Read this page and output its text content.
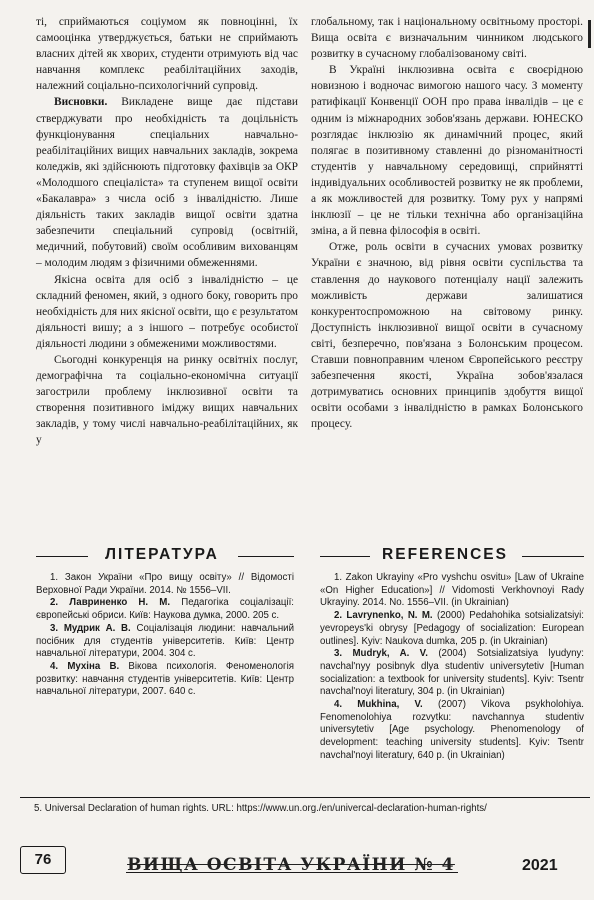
ті, сприймаються соціумом як повноцінні, їх самооцінка утверджується, батьки не сприймають власних дітей як хворих, студенти отримують від час навчання комплекс реабілітаційних заходів, належний соціально-психологічний супровід.

Висновки. Викладене вище дає підстави стверджувати про необхідність та доцільність функціонування спеціальних навчально-реабілітаційних вищих навчальних закладів, зокрема коледжів, які здійснюють підготовку фахівців за ОКР «Молодшого спеціаліста» та ступенем вищої освіти «Бакалавра» з числа осіб з інвалідністю. Лише діяльність таких закладів вищої освіти здатна забезпечити спеціальний супровід (освітній, медичний, побутовий) своїм особливим вихованцям – молодим людям з фізичними обмеженнями.

Якісна освіта для осіб з інвалідністю – це складний феномен, який, з одного боку, говорить про необхідність для них якісної освіти, що є результатом діяльності вишу; а з іншого – потребує особистої діяльності людини з обмеженими можливостями.

Сьогодні конкуренція на ринку освітніх послуг, демографічна та соціально-економічна ситуації загострили проблему інклюзивної освіти та створення позитивного іміджу вищих навчальних закладів, у тому числі навчально-реабілітаційних, як у

глобальному, так і національному освітньому просторі. Вища освіта є визначальним чинником людського розвитку в сучасному глобалізованому світі.

В Україні інклюзивна освіта є своєрідною новизною і водночас вимогою нашого часу. З моменту ратифікації Конвенції ООН про права інвалідів – це є одним із міжнародних зобов'язань держави. ЮНЕСКО розглядає інклюзію як динамічний процес, який полягає в позитивному ставленні до різноманітності студентів у навчальному середовищі, сприйнятті індивідуальних особливостей розвитку не як проблеми, а як можливостей для розвитку. Тому рух у напрямі інклюзії – це не тільки технічна або організаційна зміна, а й певна філософія в освіті.

Отже, роль освіти в сучасних умовах розвитку України є значною, від рівня освіти суспільства та ставлення до наукового потенціалу нації залежить можливість держави залишатися конкурентоспроможною на світовому ринку. Доступність інклюзивної вищої освіти в сучасному світі, безперечно, пов'язана з Болонським процесом. Ставши повноправним членом Європейського реєстру забезпечення якості, Україна зобов'язалася дотримуватись основних принципів здобуття вищої освіти особами з інвалідністю в рамках Болонського процесу.

ЛІТЕРАТУРА	REFERENCES

1. Закон України «Про вищу освіту» // Відомості Верховної Ради України. 2014. № 1556–VII.

2. Лавриненко Н. М. Педагогіка соціалізації: європейські обриси. Київ: Наукова думка, 2000. 205 с.

3. Мудрик А. В. Соціалізація людини: навчальний посібник для студентів університетів. Київ: Центр навчальної літератури, 2004. 304 с.

4. Мухіна В. Вікова психологія. Феноменологія розвитку: навчання студентів університетів. Київ: Центр навчальної літератури, 2007. 640 с.

1. Zakon Ukrayiny «Pro vyshchu osvitu» [Law of Ukraine «On Higher Education»] // Vidomosti Verkhovnoyi Rady Ukrayiny. 2014. No. 1556–VII. (in Ukrainian)

2. Lavrynenko, N. M. (2000) Pedahohika sotsializatsiyi: yevropeys'ki obrysy [Pedagogy of socialization: European outlines]. Kyiv: Naukova dumka, 205 p. (in Ukrainian)

3. Mudryk, A. V. (2004) Sotsializatsiya lyudyny: navchal'nyy posibnyk dlya studentiv universytetiv [Human socialization: a textbook for university students]. Kyiv: Tsentr navchal'noyi literatury, 304 p. (in Ukrainian)

4. Mukhina, V. (2007) Vikova psykholohiya. Fenomenolohiya rozvytku: navchannya studentiv universytetiv [Age psychology. Phenomenology of development: teaching university students]. Kyiv: Tsentr navchal'noyi literatury, 640 p. (in Ukrainian)

5. Universal Declaration of human rights. URL: https://www.un.org./en/univercal-declaration-human-rights/
76	ВИЩА ОСВІТА УКРАЇНИ № 4	2021
